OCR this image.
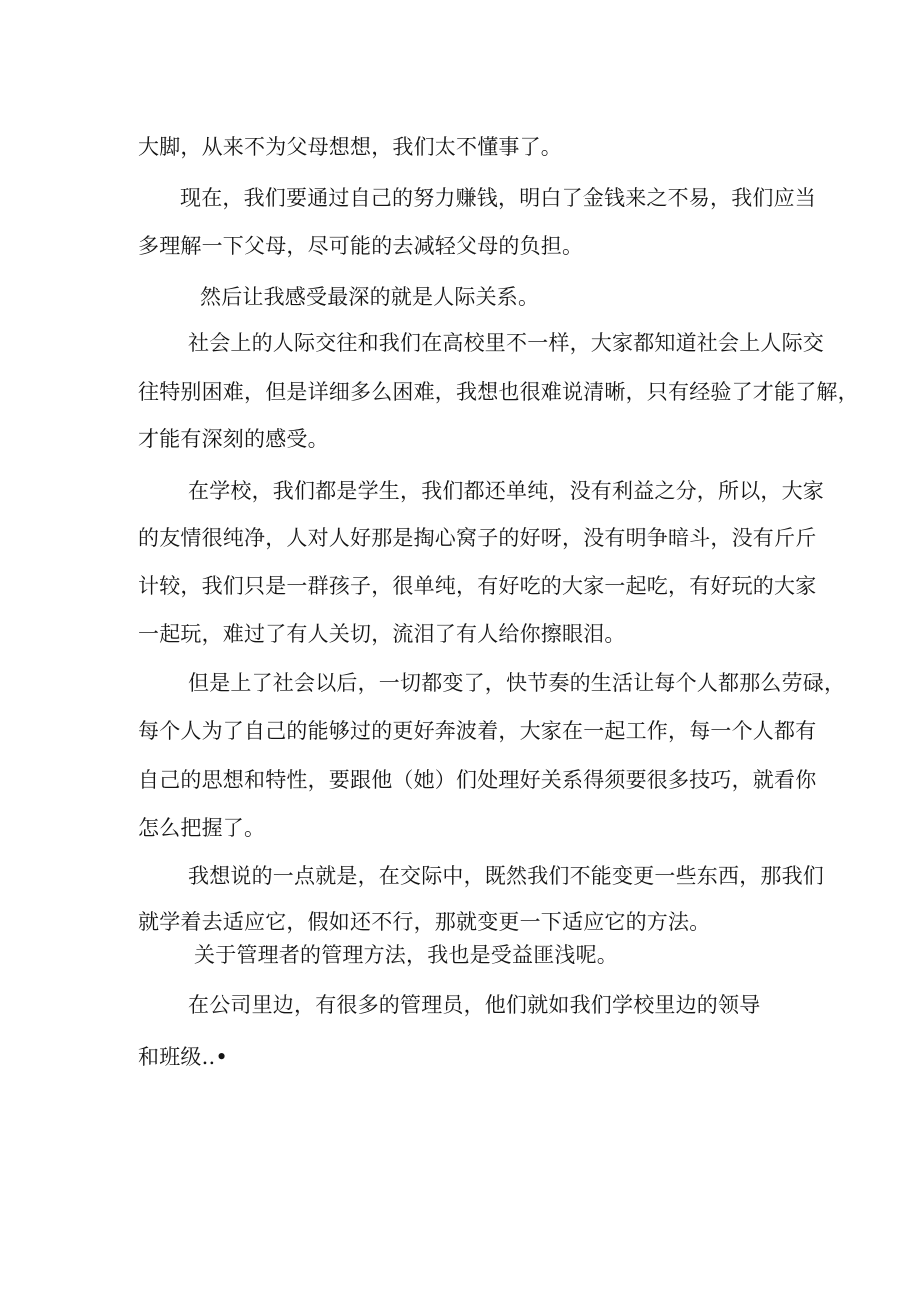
大脚，从来不为父母想想，我们太不懂事了。

现在，我们要通过自己的努力赚钱，明白了金钱来之不易，我们应当

多理解一下父母，尽可能的去减轻父母的负担。

然后让我感受最深的就是人际关系。

社会上的人际交往和我们在高校里不一样，大家都知道社会上人际交

往特别困难，但是详细多么困难，我想也很难说清晰，只有经验了才能了解，

才能有深刻的感受。

在学校，我们都是学生，我们都还单纯，没有利益之分，所以，大家

的友情很纯净，人对人好那是掏心窝子的好呀，没有明争暗斗，没有斤斤

计较，我们只是一群孩子，很单纯，有好吃的大家一起吃，有好玩的大家

一起玩，难过了有人关切，流泪了有人给你擦眼泪。

但是上了社会以后，一切都变了，快节奏的生活让每个人都那么劳碌，

每个人为了自己的能够过的更好奔波着，大家在一起工作，每一个人都有

自己的思想和特性，要跟他（她）们处理好关系得须要很多技巧，就看你

怎么把握了。

我想说的一点就是，在交际中，既然我们不能变更一些东西，那我们

就学着去适应它，假如还不行，那就变更一下适应它的方法。

关于管理者的管理方法，我也是受益匪浅呢。

在公司里边，有很多的管理员，他们就如我们学校里边的领导

和班级..•
